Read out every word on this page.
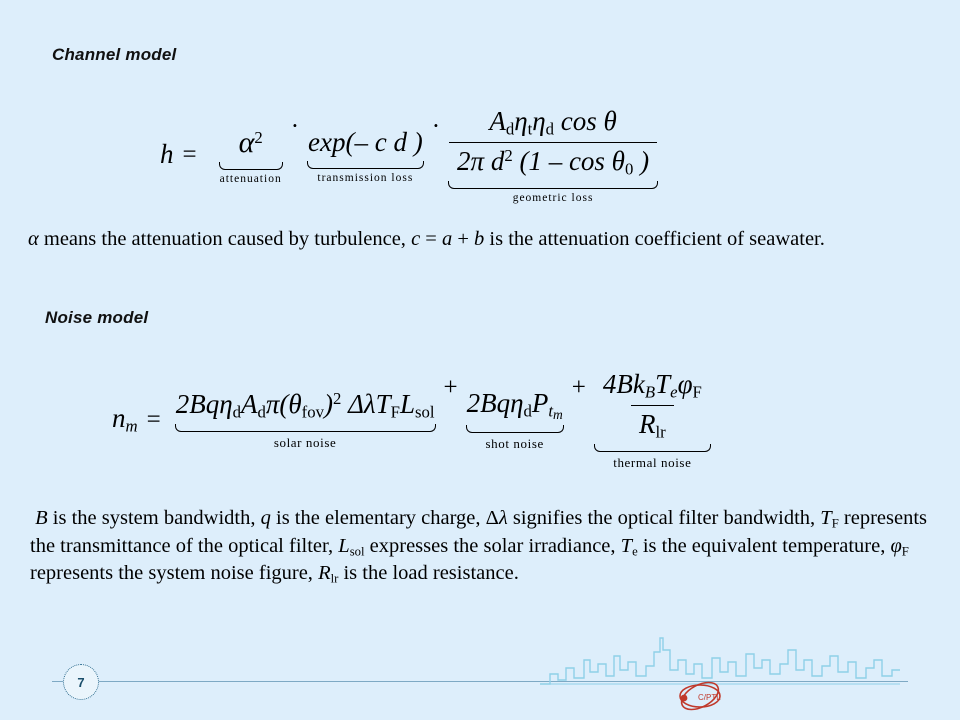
Channel model
h =	$\alpha^2$
attenuation
·
exp(– c d )
transmission loss
· $\frac{A_d\eta_t\eta_d \cos \theta}{2\pi d^2 (1 - \cos \theta_0 )}$
geometric loss
α means the attenuation caused by turbulence, c = a + b is the attenuation coefficient of seawater.
Noise model
nm =
$2Bq\eta_dA_d\pi(\theta_{fov})^2$ $\Delta\lambda T_FL_{sol}$
solar noise
+
$2Bq\eta_dPt_m$
shot noise
+ $\frac{4BkBTe\varphi_F}{R_{lr}}$
thermal noise
B is the system bandwidth, q is the elementary charge, Δλ signifies the optical filter bandwidth, $T_F$ represents the transmittance of the optical filter, $L_{sol}$ expresses the solar irradiance, $T_e$ is the equivalent temperature, $\varphi_F$ represents the system noise figure, $R_{lr}$ is the load resistance.
7
C/PTL
